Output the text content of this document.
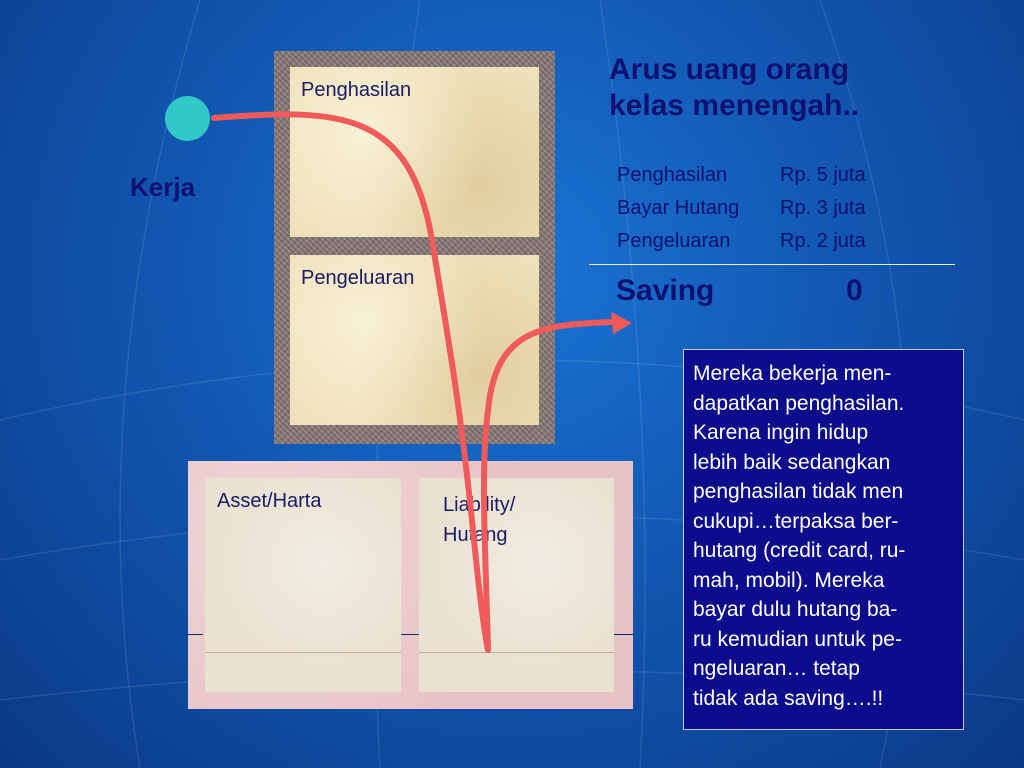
Penghasilan
Pengeluaran
Asset/Harta	Liability/
Hutang
Kerja
Arus uang orang
kelas menengah..
Penghasilan	Rp. 5 juta
Bayar Hutang	Rp. 3 juta
Pengeluaran	Rp. 2 juta
Saving	0
Mereka bekerja men-
dapatkan penghasilan.
Karena ingin hidup
lebih baik sedangkan
penghasilan tidak men
cukupi…terpaksa ber-
hutang (credit card, ru-
mah, mobil). Mereka
bayar dulu hutang ba-
ru kemudian untuk pe-
ngeluaran… tetap
tidak ada saving….!!
